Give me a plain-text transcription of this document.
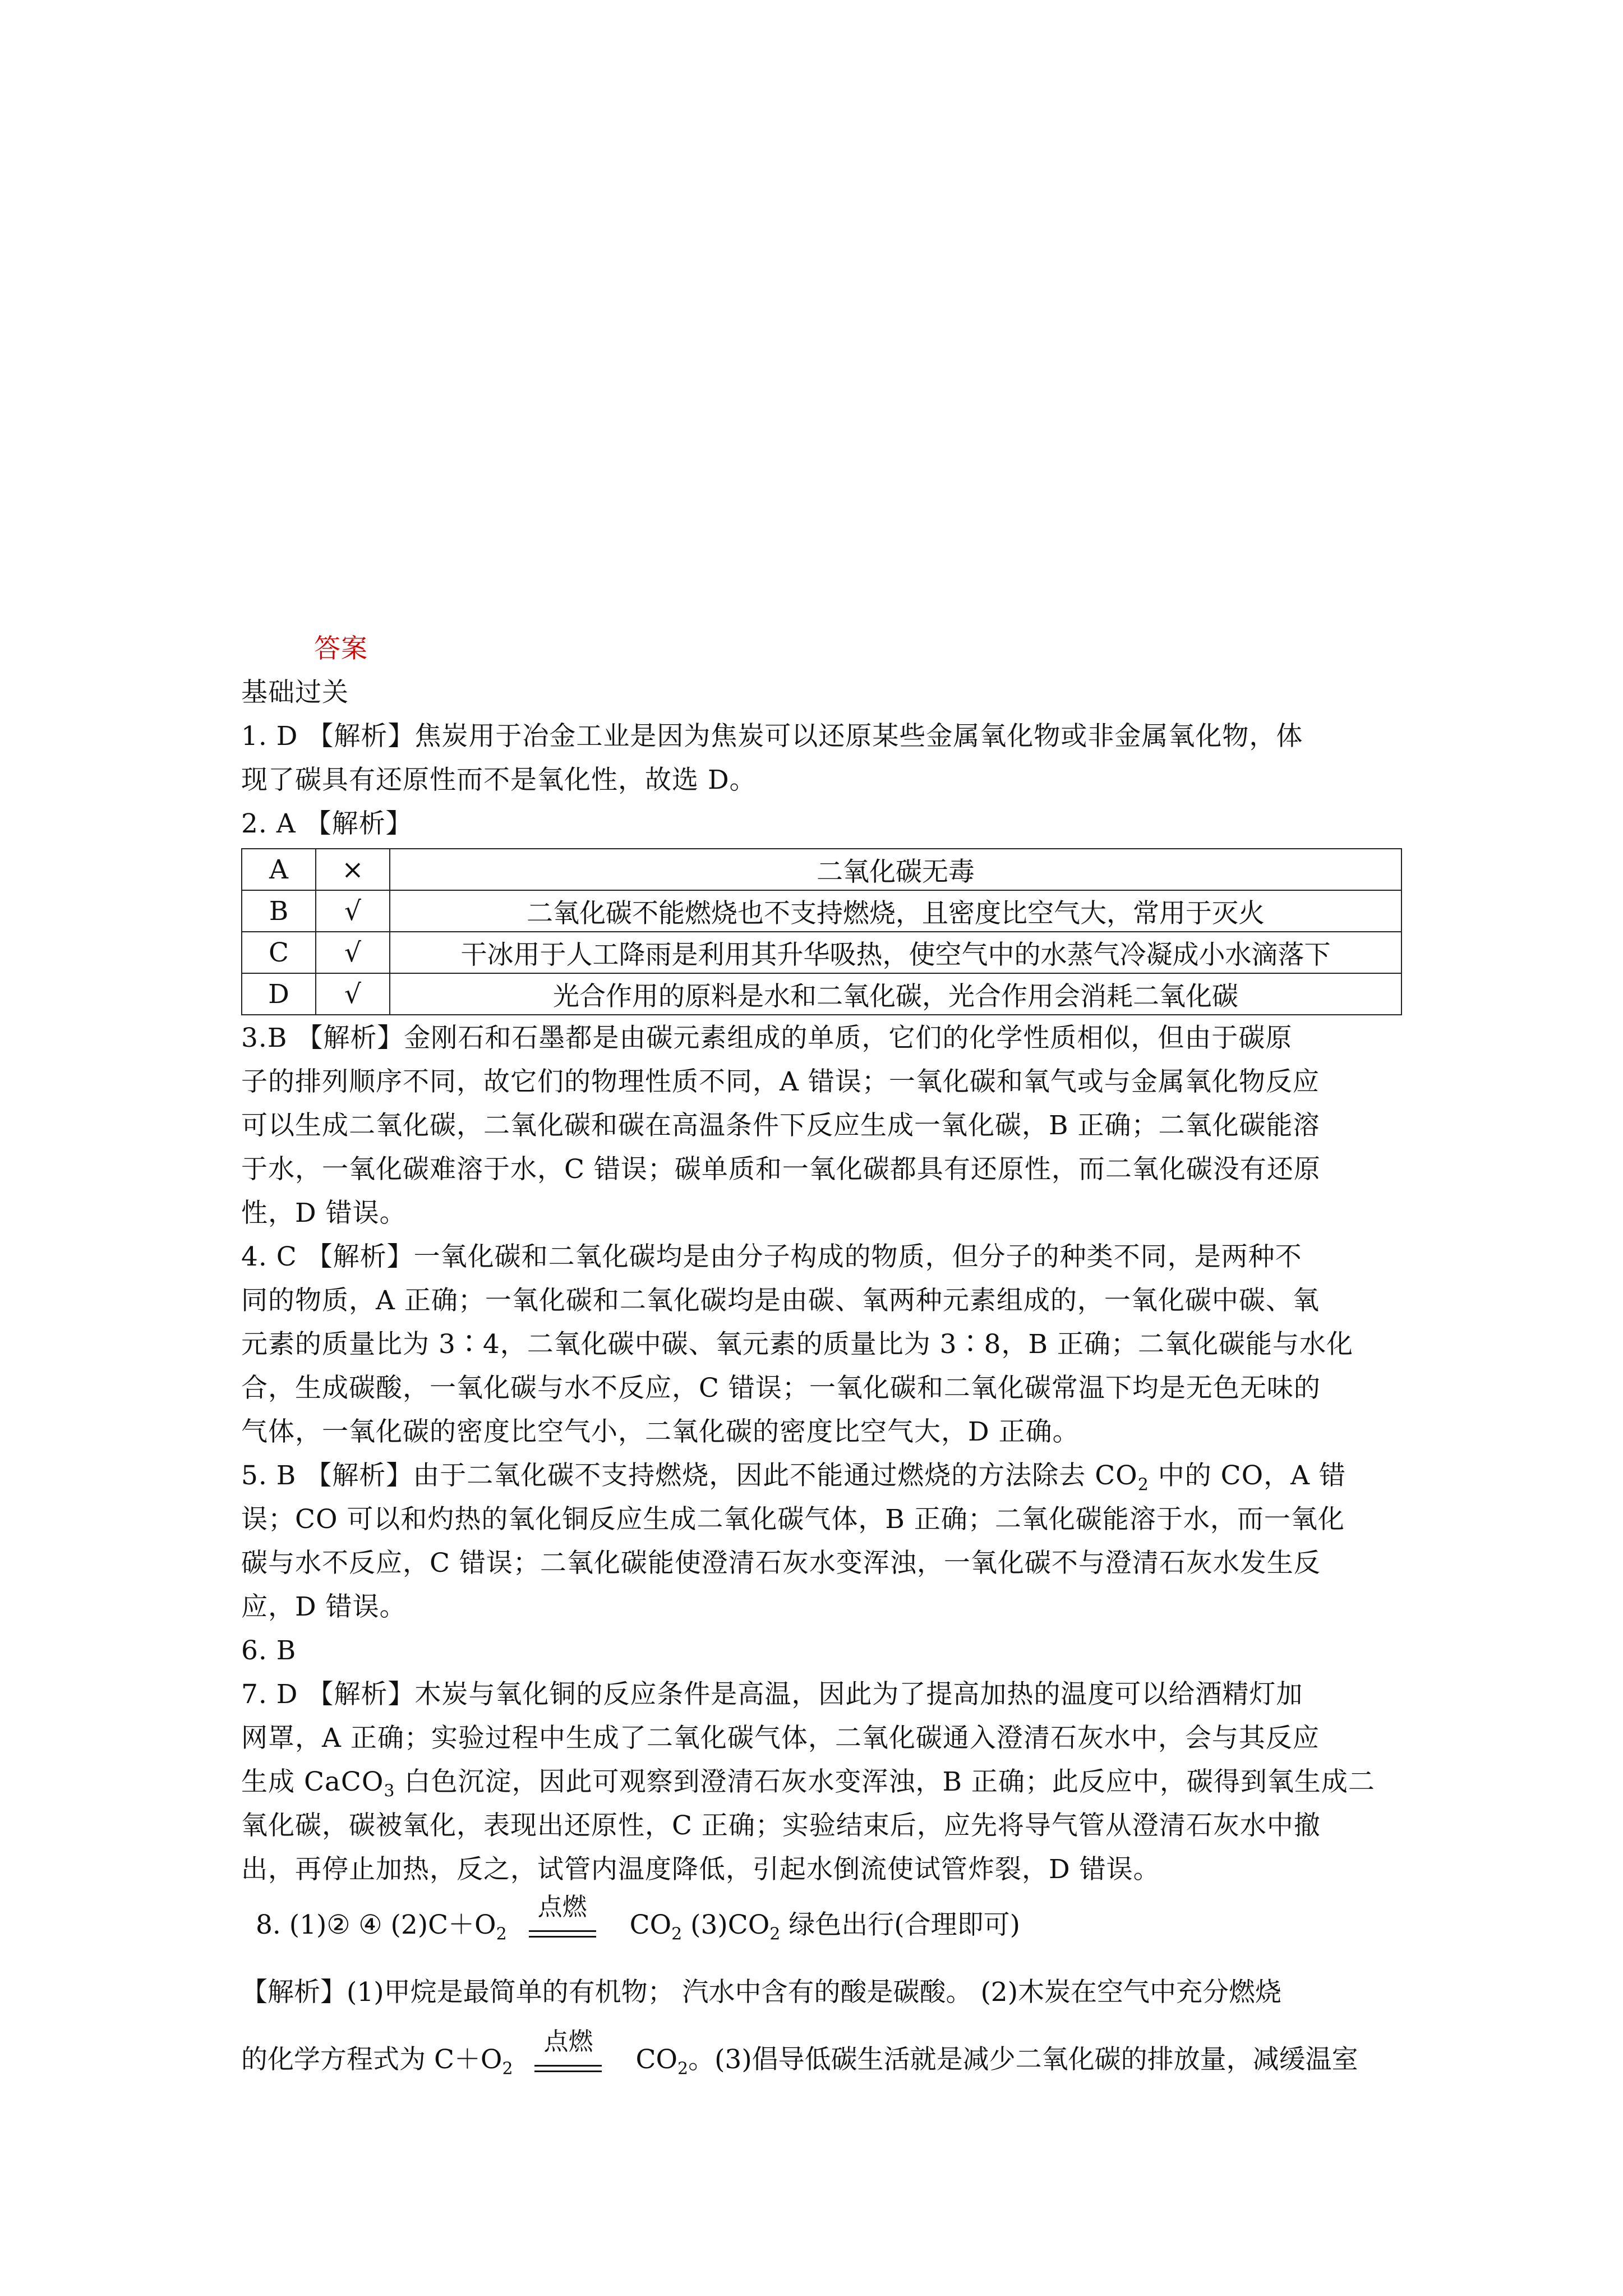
答案
基础过关
1. D 【解析】焦炭用于冶金工业是因为焦炭可以还原某些金属氧化物或非金属氧化物，体
现了碳具有还原性而不是氧化性，故选 D。
2. A 【解析】
A	×	二氧化碳无毒
B	√	二氧化碳不能燃烧也不支持燃烧，且密度比空气大，常用于灭火
C	√	干冰用于人工降雨是利用其升华吸热，使空气中的水蒸气冷凝成小水滴落下
D	√	光合作用的原料是水和二氧化碳，光合作用会消耗二氧化碳
3.B 【解析】金刚石和石墨都是由碳元素组成的单质，它们的化学性质相似，但由于碳原
子的排列顺序不同，故它们的物理性质不同，A 错误；一氧化碳和氧气或与金属氧化物反应
可以生成二氧化碳，二氧化碳和碳在高温条件下反应生成一氧化碳，B 正确；二氧化碳能溶
于水，一氧化碳难溶于水，C 错误；碳单质和一氧化碳都具有还原性，而二氧化碳没有还原
性，D 错误。
4. C 【解析】一氧化碳和二氧化碳均是由分子构成的物质，但分子的种类不同，是两种不
同的物质，A 正确；一氧化碳和二氧化碳均是由碳、氧两种元素组成的，一氧化碳中碳、氧
元素的质量比为 3∶4，二氧化碳中碳、氧元素的质量比为 3∶8，B 正确；二氧化碳能与水化
合，生成碳酸，一氧化碳与水不反应，C 错误；一氧化碳和二氧化碳常温下均是无色无味的
气体，一氧化碳的密度比空气小，二氧化碳的密度比空气大，D 正确。
5. B 【解析】由于二氧化碳不支持燃烧，因此不能通过燃烧的方法除去 $CO_2$ 中的 CO，A 错
误；CO 可以和灼热的氧化铜反应生成二氧化碳气体，B 正确；二氧化碳能溶于水，而一氧化
碳与水不反应，C 错误；二氧化碳能使澄清石灰水变浑浊，一氧化碳不与澄清石灰水发生反
应，D 错误。
6. B
7. D 【解析】木炭与氧化铜的反应条件是高温，因此为了提高加热的温度可以给酒精灯加
网罩，A 正确；实验过程中生成了二氧化碳气体，二氧化碳通入澄清石灰水中，会与其反应
生成 CaCO$_3$ 白色沉淀，因此可观察到澄清石灰水变浑浊，B 正确；此反应中，碳得到氧生成二
氧化碳，碳被氧化，表现出还原性，C 正确；实验结束后，应先将导气管从澄清石灰水中撤
出，再停止加热，反之，试管内温度降低，引起水倒流使试管炸裂，D 错误。
8. (1)② ④ $(2)C+O_2$
点燃
$CO_2$ $(3)CO_2$ 绿色出行(合理即可)
【解析】(1)甲烷是最简单的有机物； 汽水中含有的酸是碳酸。 (2)木炭在空气中充分燃烧
的化学方程式为 $C+O_2$
点燃
$CO_2$。(3)倡导低碳生活就是减少二氧化碳的排放量，减缓温室
